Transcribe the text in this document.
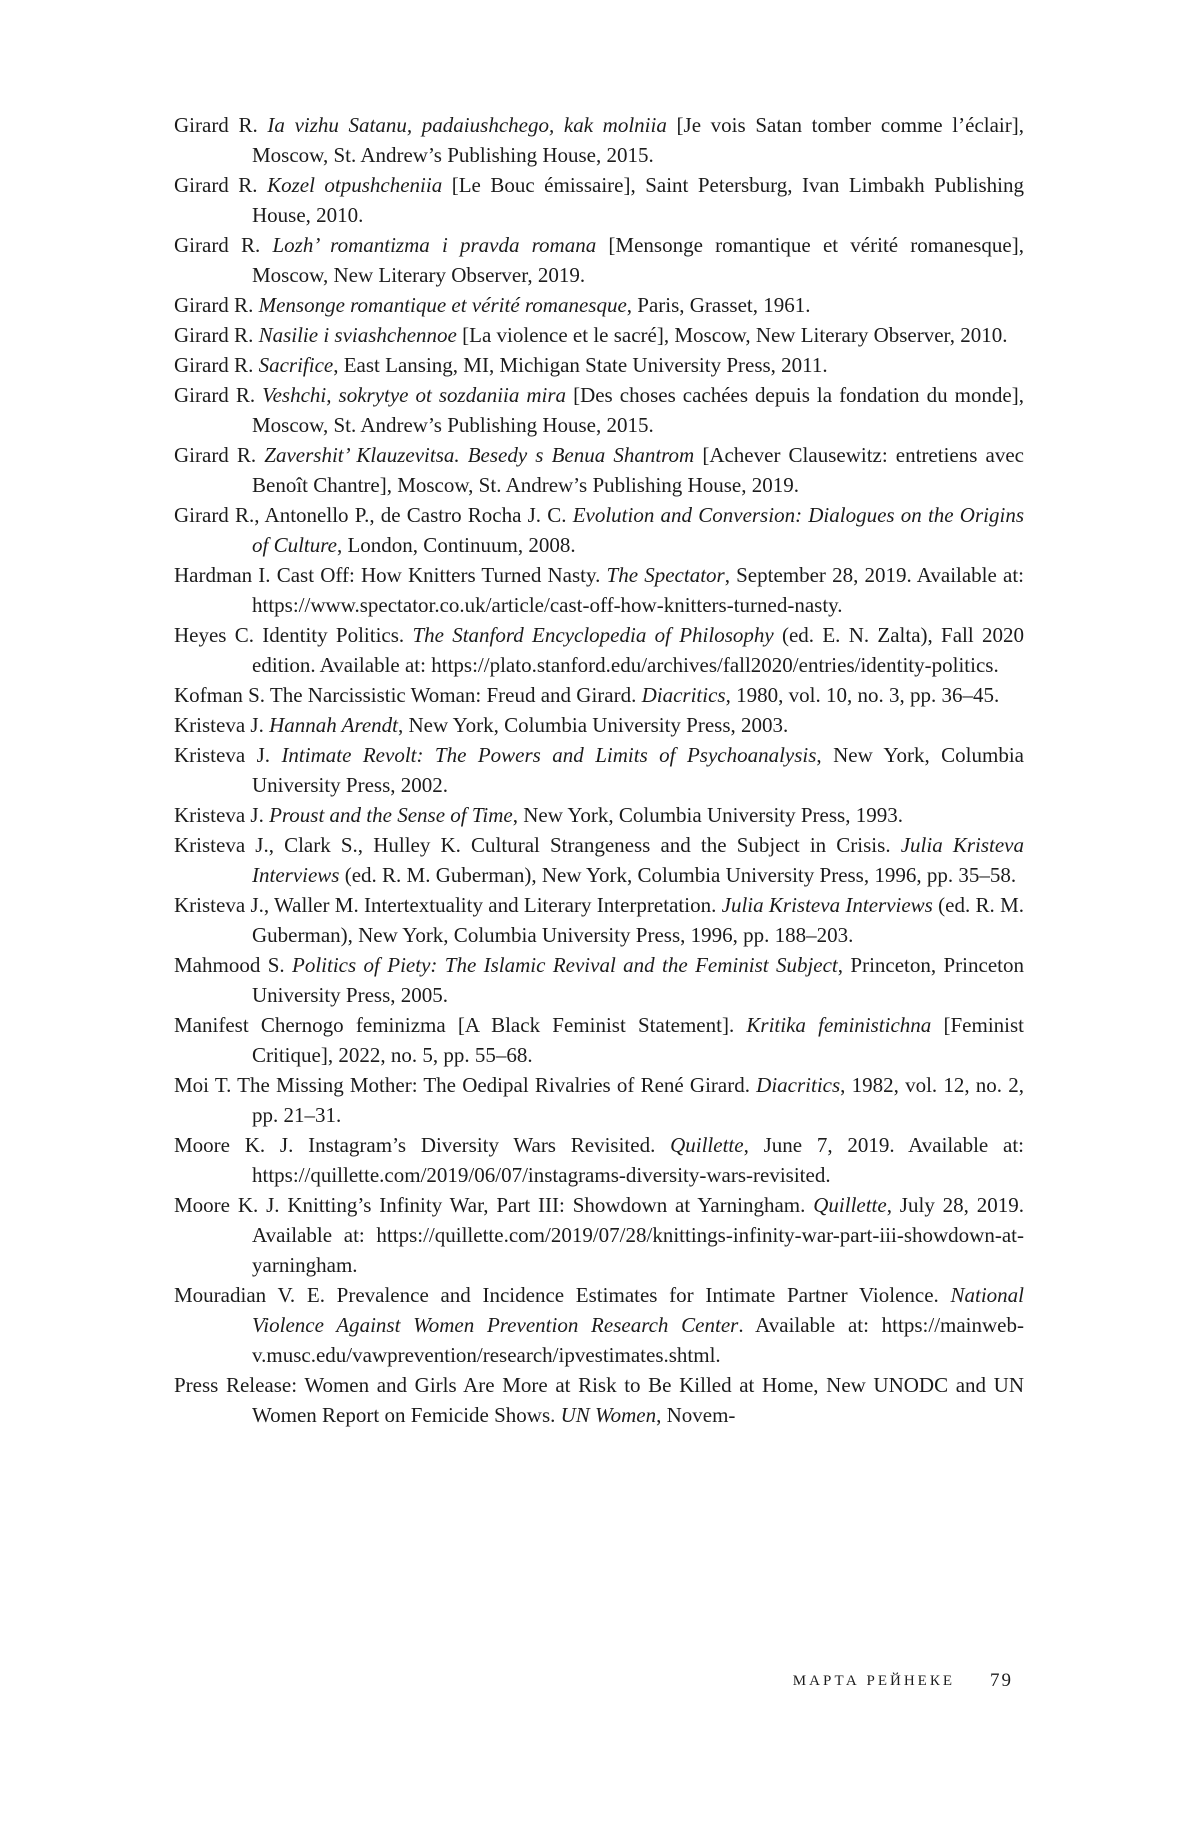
Girard R. Ia vizhu Satanu, padaiushchego, kak molniia [Je vois Satan tomber comme l’éclair], Moscow, St. Andrew’s Publishing House, 2015.

Girard R. Kozel otpushcheniia [Le Bouc émissaire], Saint Petersburg, Ivan Limbakh Publishing House, 2010.

Girard R. Lozh’ romantizma i pravda romana [Mensonge romantique et vérité romanesque], Moscow, New Literary Observer, 2019.

Girard R. Mensonge romantique et vérité romanesque, Paris, Grasset, 1961.

Girard R. Nasilie i sviashchennoe [La violence et le sacré], Moscow, New Literary Observer, 2010.

Girard R. Sacrifice, East Lansing, MI, Michigan State University Press, 2011.

Girard R. Veshchi, sokrytye ot sozdaniia mira [Des choses cachées depuis la fondation du monde], Moscow, St. Andrew’s Publishing House, 2015.

Girard R. Zavershit’ Klauzevitsa. Besedy s Benua Shantrom [Achever Clausewitz: entretiens avec Benoît Chantre], Moscow, St. Andrew’s Publishing House, 2019.

Girard R., Antonello P., de Castro Rocha J. C. Evolution and Conversion: Dialogues on the Origins of Culture, London, Continuum, 2008.

Hardman I. Cast Off: How Knitters Turned Nasty. The Spectator, September 28, 2019. Available at: https://www.spectator.co.uk/article/cast-off-how-knitters-turned-nasty.

Heyes C. Identity Politics. The Stanford Encyclopedia of Philosophy (ed. E. N. Zalta), Fall 2020 edition. Available at: https://plato.stanford.edu/archives/fall2020/entries/identity-politics.

Kofman S. The Narcissistic Woman: Freud and Girard. Diacritics, 1980, vol. 10, no. 3, pp. 36–45.

Kristeva J. Hannah Arendt, New York, Columbia University Press, 2003.

Kristeva J. Intimate Revolt: The Powers and Limits of Psychoanalysis, New York, Columbia University Press, 2002.

Kristeva J. Proust and the Sense of Time, New York, Columbia University Press, 1993.

Kristeva J., Clark S., Hulley K. Cultural Strangeness and the Subject in Crisis. Julia Kristeva Interviews (ed. R. M. Guberman), New York, Columbia University Press, 1996, pp. 35–58.

Kristeva J., Waller M. Intertextuality and Literary Interpretation. Julia Kristeva Interviews (ed. R. M. Guberman), New York, Columbia University Press, 1996, pp. 188–203.

Mahmood S. Politics of Piety: The Islamic Revival and the Feminist Subject, Princeton, Princeton University Press, 2005.

Manifest Chernogo feminizma [A Black Feminist Statement]. Kritika feministichna [Feminist Critique], 2022, no. 5, pp. 55–68.

Moi T. The Missing Mother: The Oedipal Rivalries of René Girard. Diacritics, 1982, vol. 12, no. 2, pp. 21–31.

Moore K. J. Instagram’s Diversity Wars Revisited. Quillette, June 7, 2019. Available at: https://quillette.com/2019/06/07/instagrams-diversity-wars-revisited.

Moore K. J. Knitting’s Infinity War, Part III: Showdown at Yarningham. Quillette, July 28, 2019. Available at: https://quillette.com/2019/07/28/knittings-infinity-war-part-iii-showdown-at-yarningham.

Mouradian V. E. Prevalence and Incidence Estimates for Intimate Partner Violence. National Violence Against Women Prevention Research Center. Available at: https://mainweb-v.musc.edu/vawprevention/research/ipvestimates.shtml.

Press Release: Women and Girls Are More at Risk to Be Killed at Home, New UNODC and UN Women Report on Femicide Shows. UN Women, Novem-

МАРТА РЕЙНЕКЕ 79
